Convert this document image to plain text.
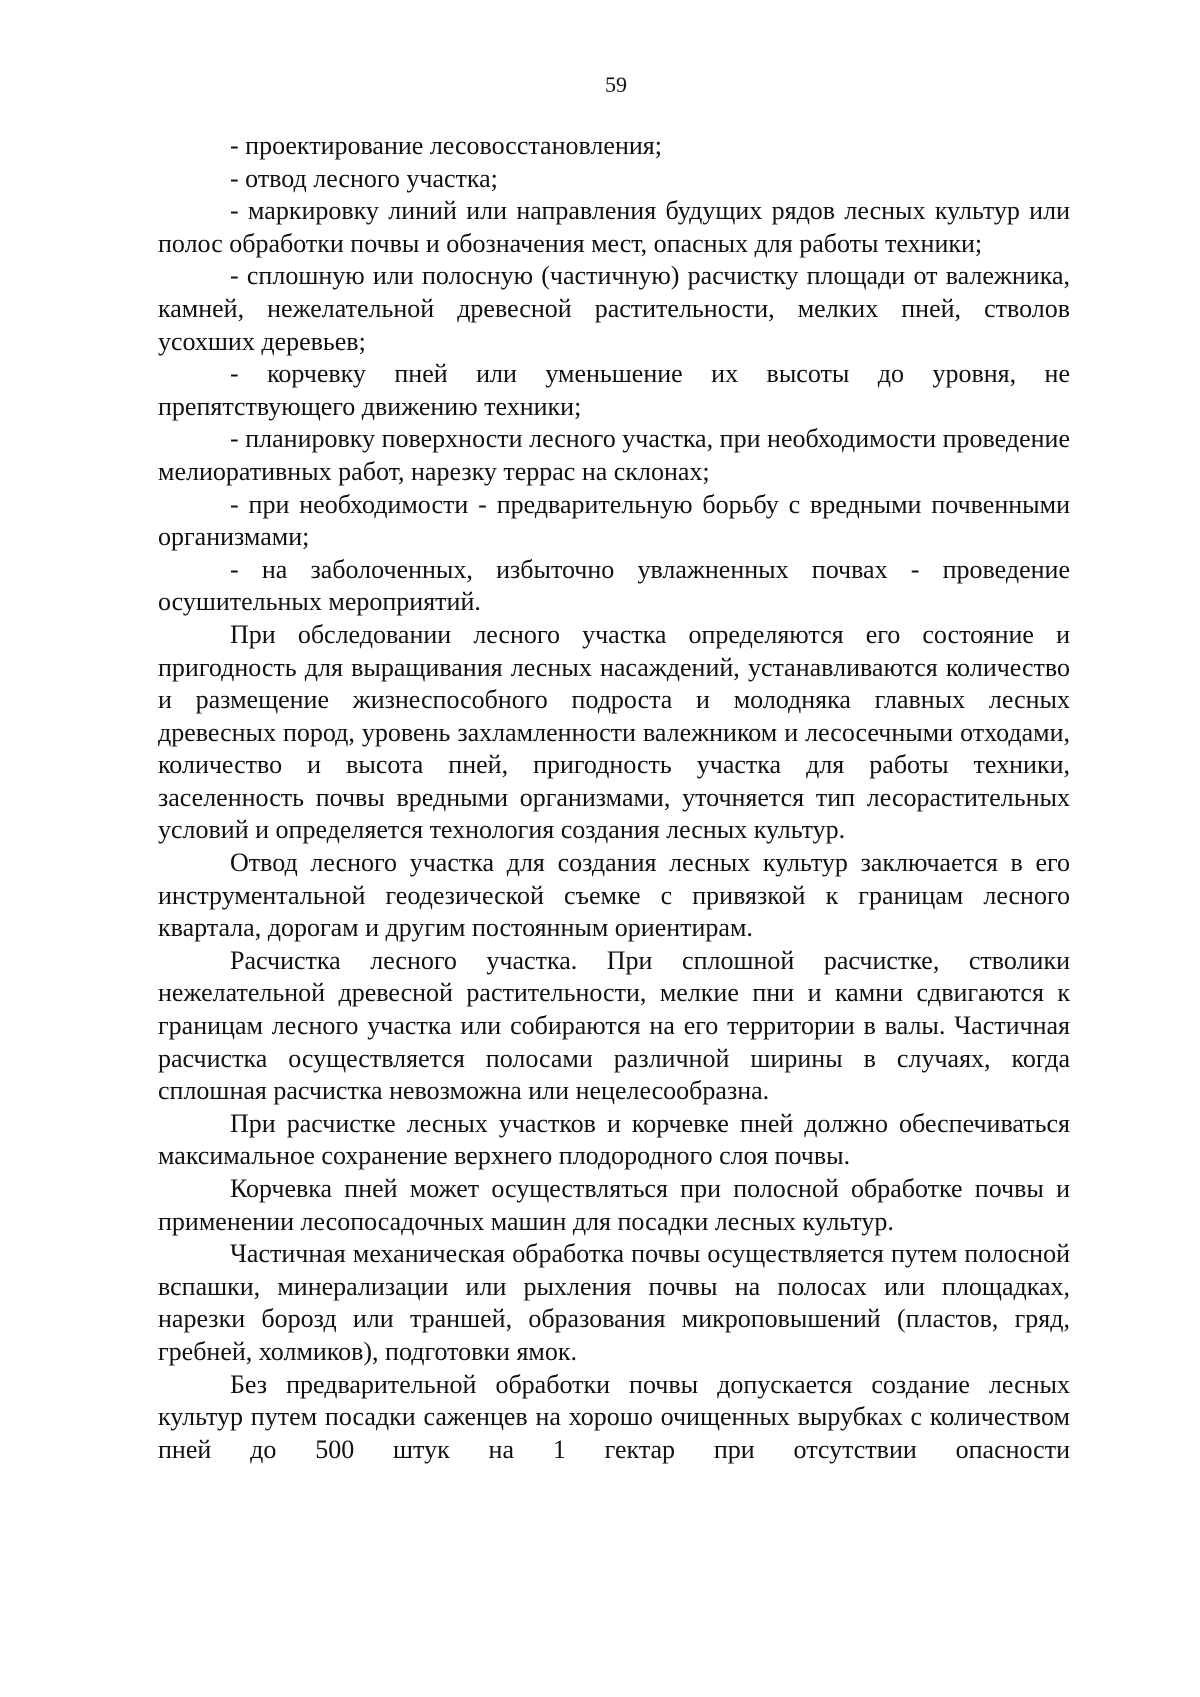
59

- проектирование лесовосстановления;

- отвод лесного участка;

- маркировку линий или направления будущих рядов лесных культур или полос обработки почвы и обозначения мест, опасных для работы техники;

- сплошную или полосную (частичную) расчистку площади от валежника, камней, нежелательной древесной растительности, мелких пней, стволов усохших деревьев;

- корчевку пней или уменьшение их высоты до уровня, не препятствующего движению техники;

- планировку поверхности лесного участка, при необходимости проведение мелиоративных работ, нарезку террас на склонах;

- при необходимости - предварительную борьбу с вредными почвенными организмами;

- на заболоченных, избыточно увлажненных почвах - проведение осушительных мероприятий.

При обследовании лесного участка определяются его состояние и пригодность для выращивания лесных насаждений, устанавливаются количество и размещение жизнеспособного подроста и молодняка главных лесных древесных пород, уровень захламленности валежником и лесосечными отходами, количество и высота пней, пригодность участка для работы техники, заселенность почвы вредными организмами, уточняется тип лесорастительных условий и определяется технология создания лесных культур.

Отвод лесного участка для создания лесных культур заключается в его инструментальной геодезической съемке с привязкой к границам лесного квартала, дорогам и другим постоянным ориентирам.

Расчистка лесного участка. При сплошной расчистке, стволики нежелательной древесной растительности, мелкие пни и камни сдвигаются к границам лесного участка или собираются на его территории в валы. Частичная расчистка осуществляется полосами различной ширины в случаях, когда сплошная расчистка невозможна или нецелесообразна.

При расчистке лесных участков и корчевке пней должно обеспечиваться максимальное сохранение верхнего плодородного слоя почвы.

Корчевка пней может осуществляться при полосной обработке почвы и применении лесопосадочных машин для посадки лесных культур.

Частичная механическая обработка почвы осуществляется путем полосной вспашки, минерализации или рыхления почвы на полосах или площадках, нарезки борозд или траншей, образования микроповышений (пластов, гряд, гребней, холмиков), подготовки ямок.

Без предварительной обработки почвы допускается создание лесных культур путем посадки саженцев на хорошо очищенных вырубках с количеством пней до 500 штук на 1 гектар при отсутствии опасности
